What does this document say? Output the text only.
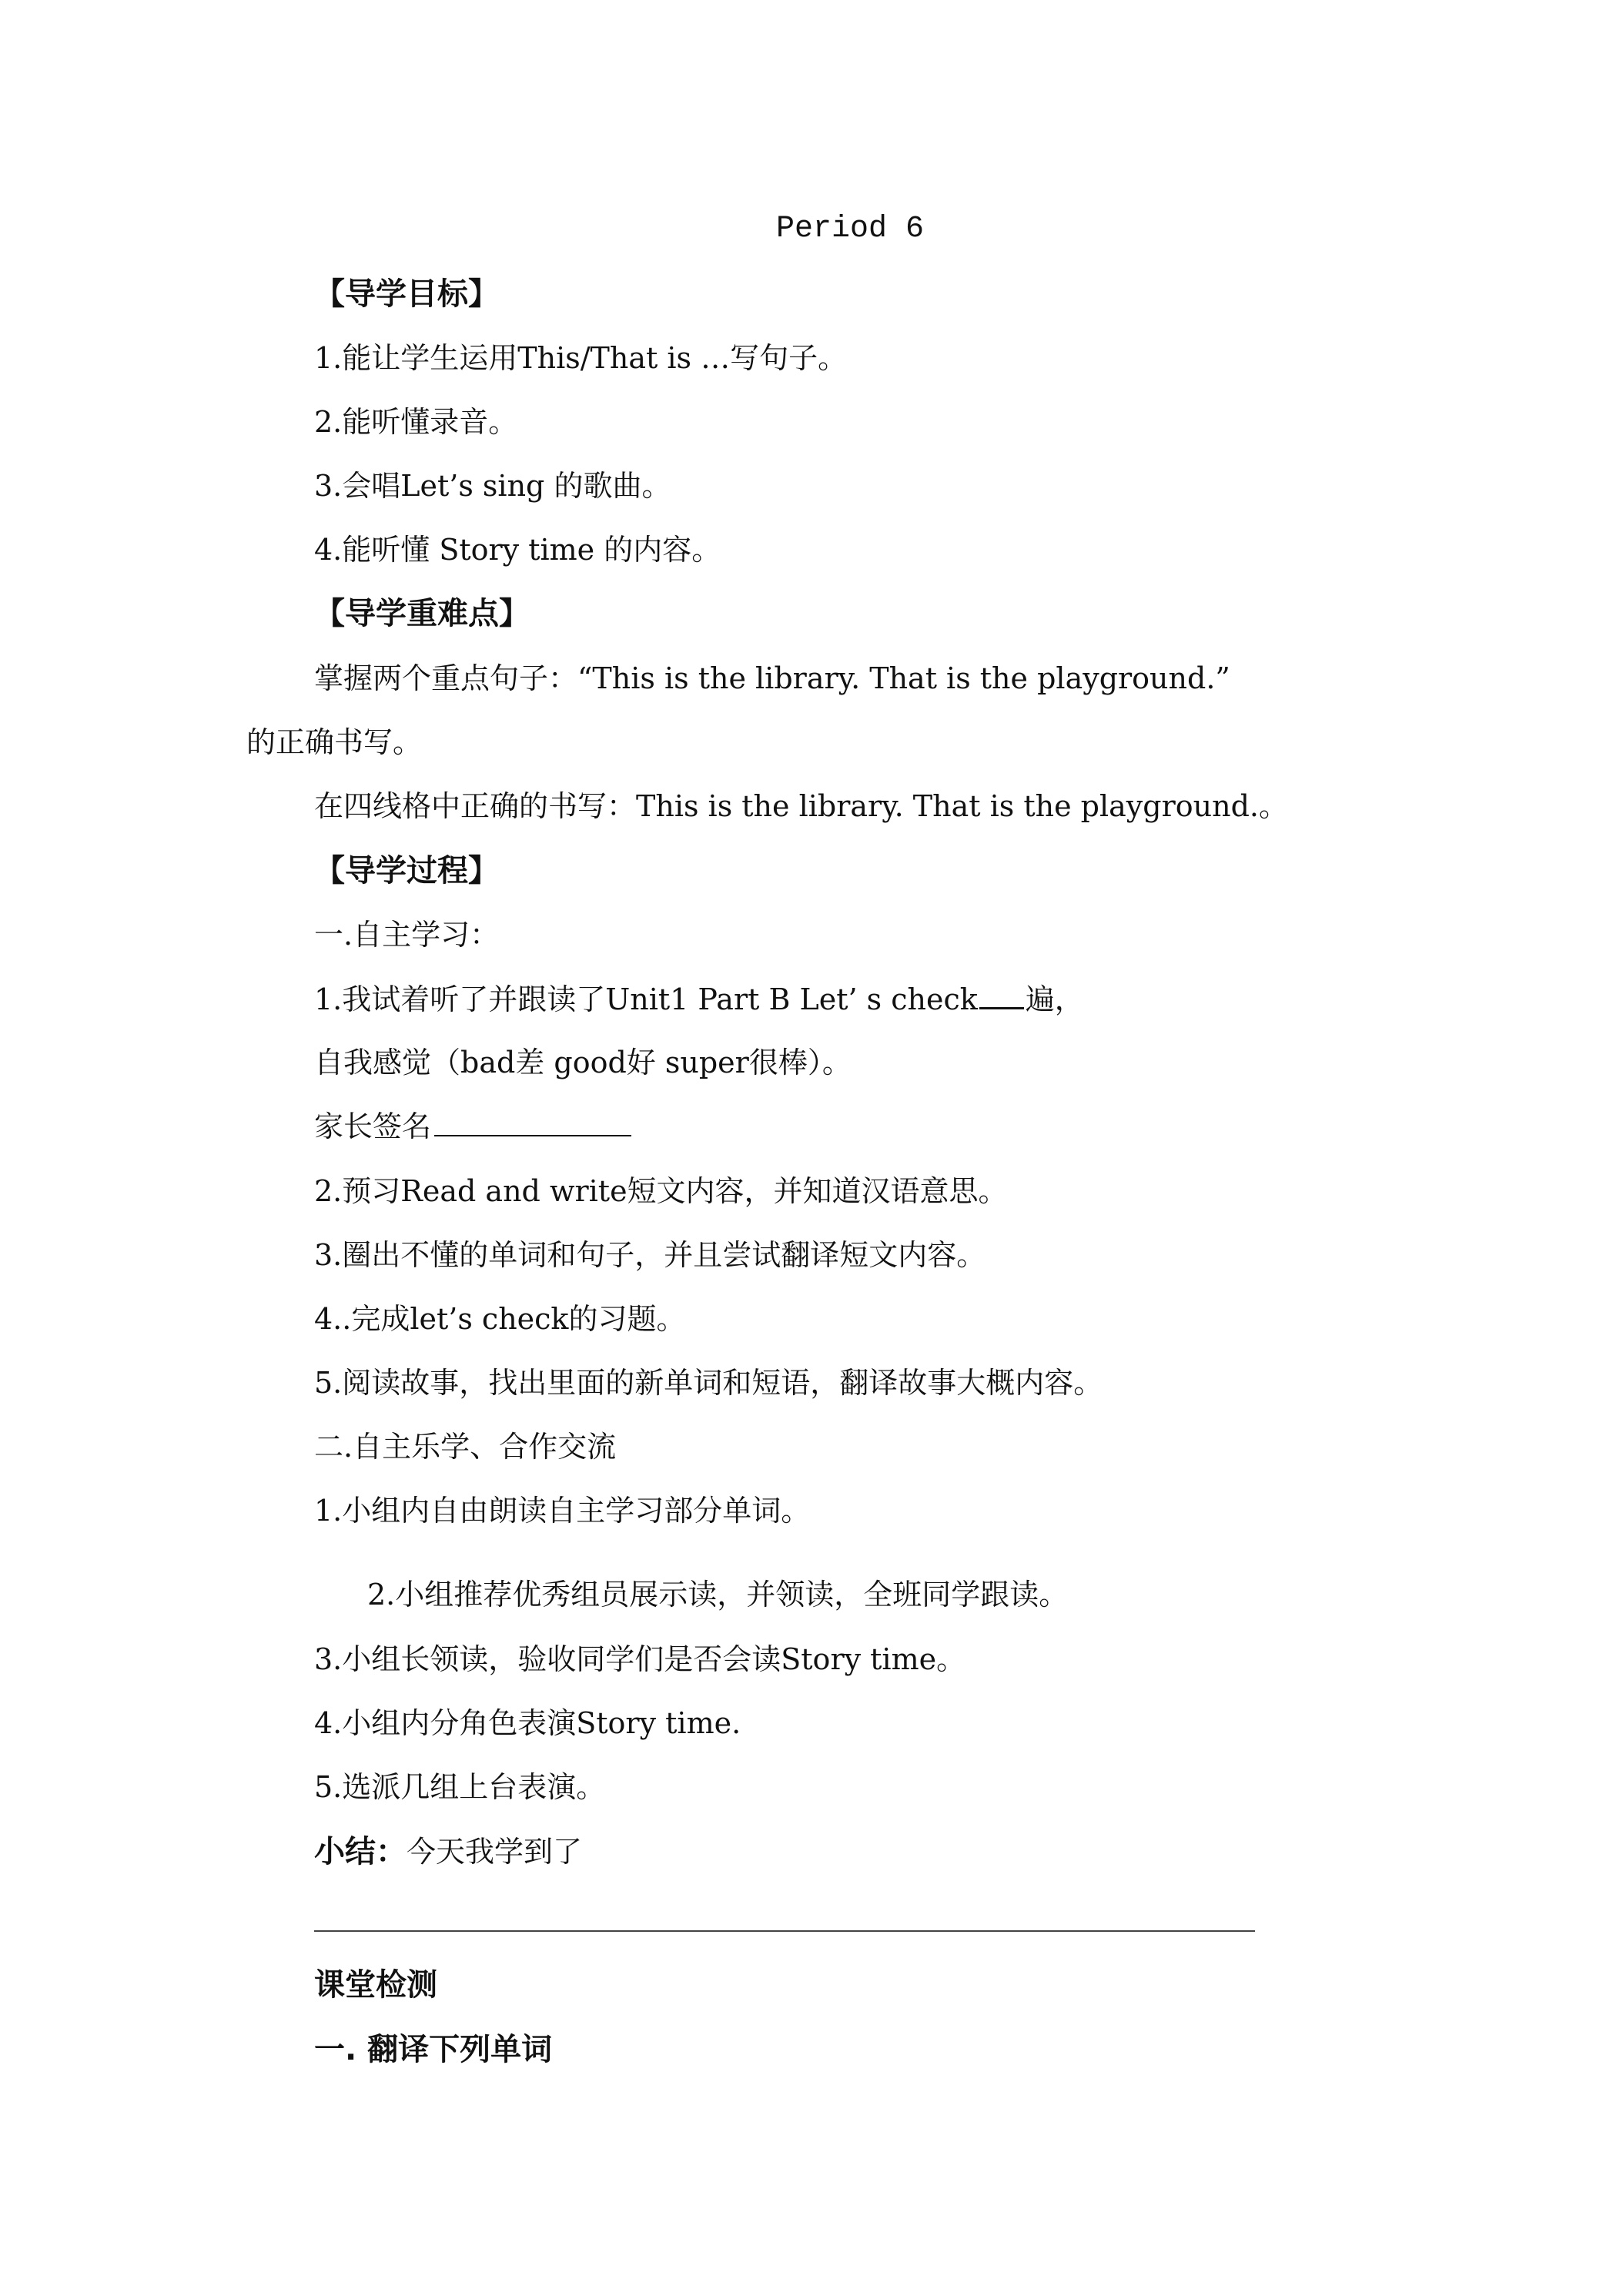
Period 6
【导学目标】
1.能让学生运用This/That is …写句子。
2.能听懂录音。
3.会唱Let’s sing 的歌曲。
4.能听懂 Story time 的内容。
【导学重难点】
掌握两个重点句子：“This is the library. That is the playground.”
的正确书写。
在四线格中正确的书写：This is the library. That is the playground.。
【导学过程】
一.自主学习：
1.我试着听了并跟读了Unit1 Part B Let’ s check 遍，
自我感觉（bad差 good好 super很棒）。
家长签名
2.预习Read and write短文内容，并知道汉语意思。
3.圈出不懂的单词和句子，并且尝试翻译短文内容。
4..完成let’s check的习题。
5.阅读故事，找出里面的新单词和短语，翻译故事大概内容。
二.自主乐学、合作交流
1.小组内自由朗读自主学习部分单词。
2.小组推荐优秀组员展示读，并领读，全班同学跟读。
3.小组长领读，验收同学们是否会读Story time。
4.小组内分角色表演Story time.
5.选派几组上台表演。
小结：今天我学到了
课堂检测
一. 翻译下列单词
